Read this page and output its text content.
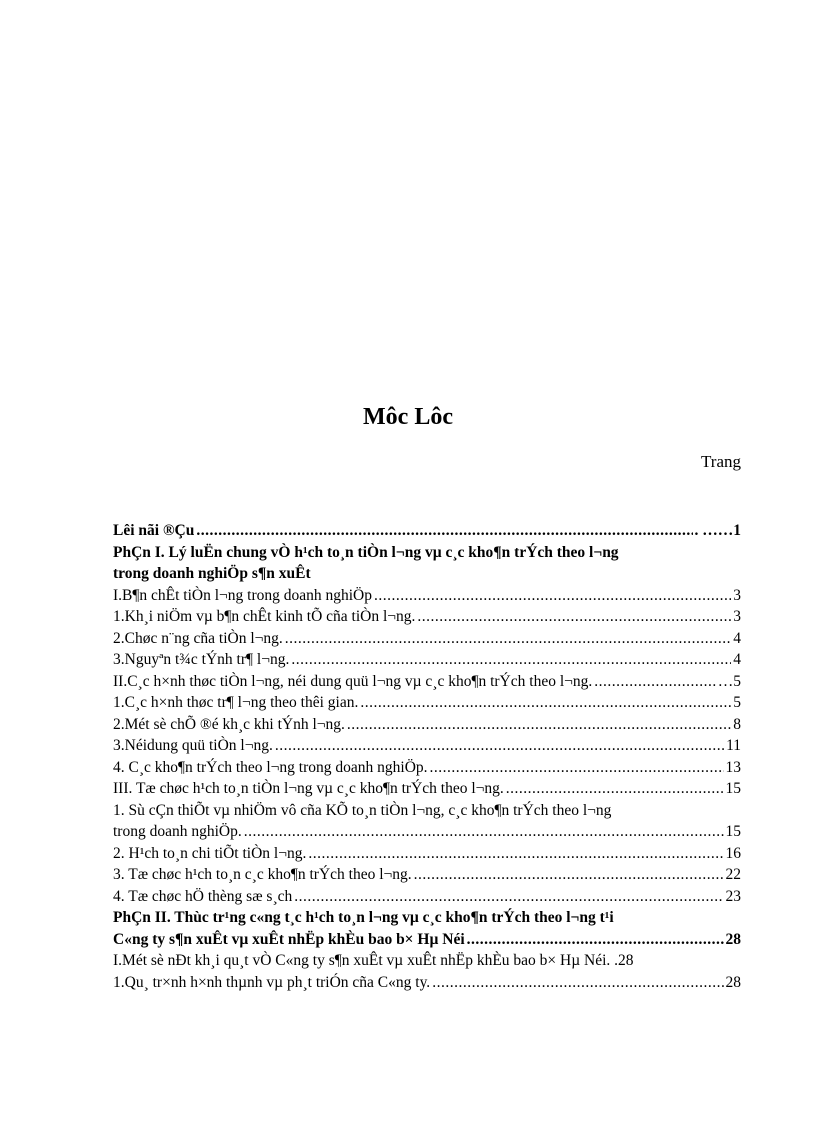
Môc Lôc
Trang
Lêi nãi ®Çu .....	. ……1
PhÇn I. Lý luËn chung vÒ h¹ch to¸n tiÒn l¬ng vµ c¸c kho¶n trÝch theo l¬ng
trong doanh nghiÖp s¶n xuÊt
I.B¶n chÊt tiÒn l¬ng trong doanh nghiÖp .....	3
1.Kh¸i niÖm vµ b¶n chÊt kinh tÕ cña tiÒn l¬ng. .....	3
2.Chøc n¨ng cña tiÒn l¬ng. .....	4
3.Nguyªn t¾c tÝnh tr¶ l¬ng. .....	4
II.C¸c h×nh thøc tiÒn l¬ng, néi dung quü l¬ng vµ c¸c kho¶n trÝch theo l¬ng. .....	…5
1.C¸c h×nh thøc tr¶ l¬ng theo thêi gian. .....	5
2.Mét sè chÕ ®é kh¸c khi tÝnh l¬ng. .....	8
3.Néidung quü tiÒn l¬ng. .....	11
4. C¸c kho¶n trÝch theo l¬ng trong doanh nghiÖp. .....	13
III. Tæ chøc h¹ch to¸n tiÒn l¬ng vµ c¸c kho¶n trÝch theo l¬ng. .....	15
1. Sù cÇn thiÕt vµ nhiÖm vô cña KÕ to¸n tiÒn l¬ng, c¸c kho¶n trÝch theo l¬ng
trong doanh nghiÖp. .....	15
2. H¹ch to¸n chi tiÕt tiÒn l¬ng. .....	16
3. Tæ chøc h¹ch to¸n c¸c kho¶n trÝch theo l¬ng. .....	22
4. Tæ chøc hÖ thèng sæ s¸ch .....	23
PhÇn II. Thùc tr¹ng c«ng t¸c h¹ch to¸n l¬ng vµ c¸c kho¶n trÝch theo l¬ng t¹i
C«ng ty s¶n xuÊt vµ xuÊt nhËp khÈu bao b× Hµ Néi .....	28
I.Mét sè nÐt kh¸i qu¸t vÒ C«ng ty s¶n xuÊt vµ xuÊt nhËp khÈu bao b× Hµ Néi. . 28
1.Qu¸ tr×nh h×nh thµnh vµ ph¸t triÓn cña C«ng ty. .....	28
